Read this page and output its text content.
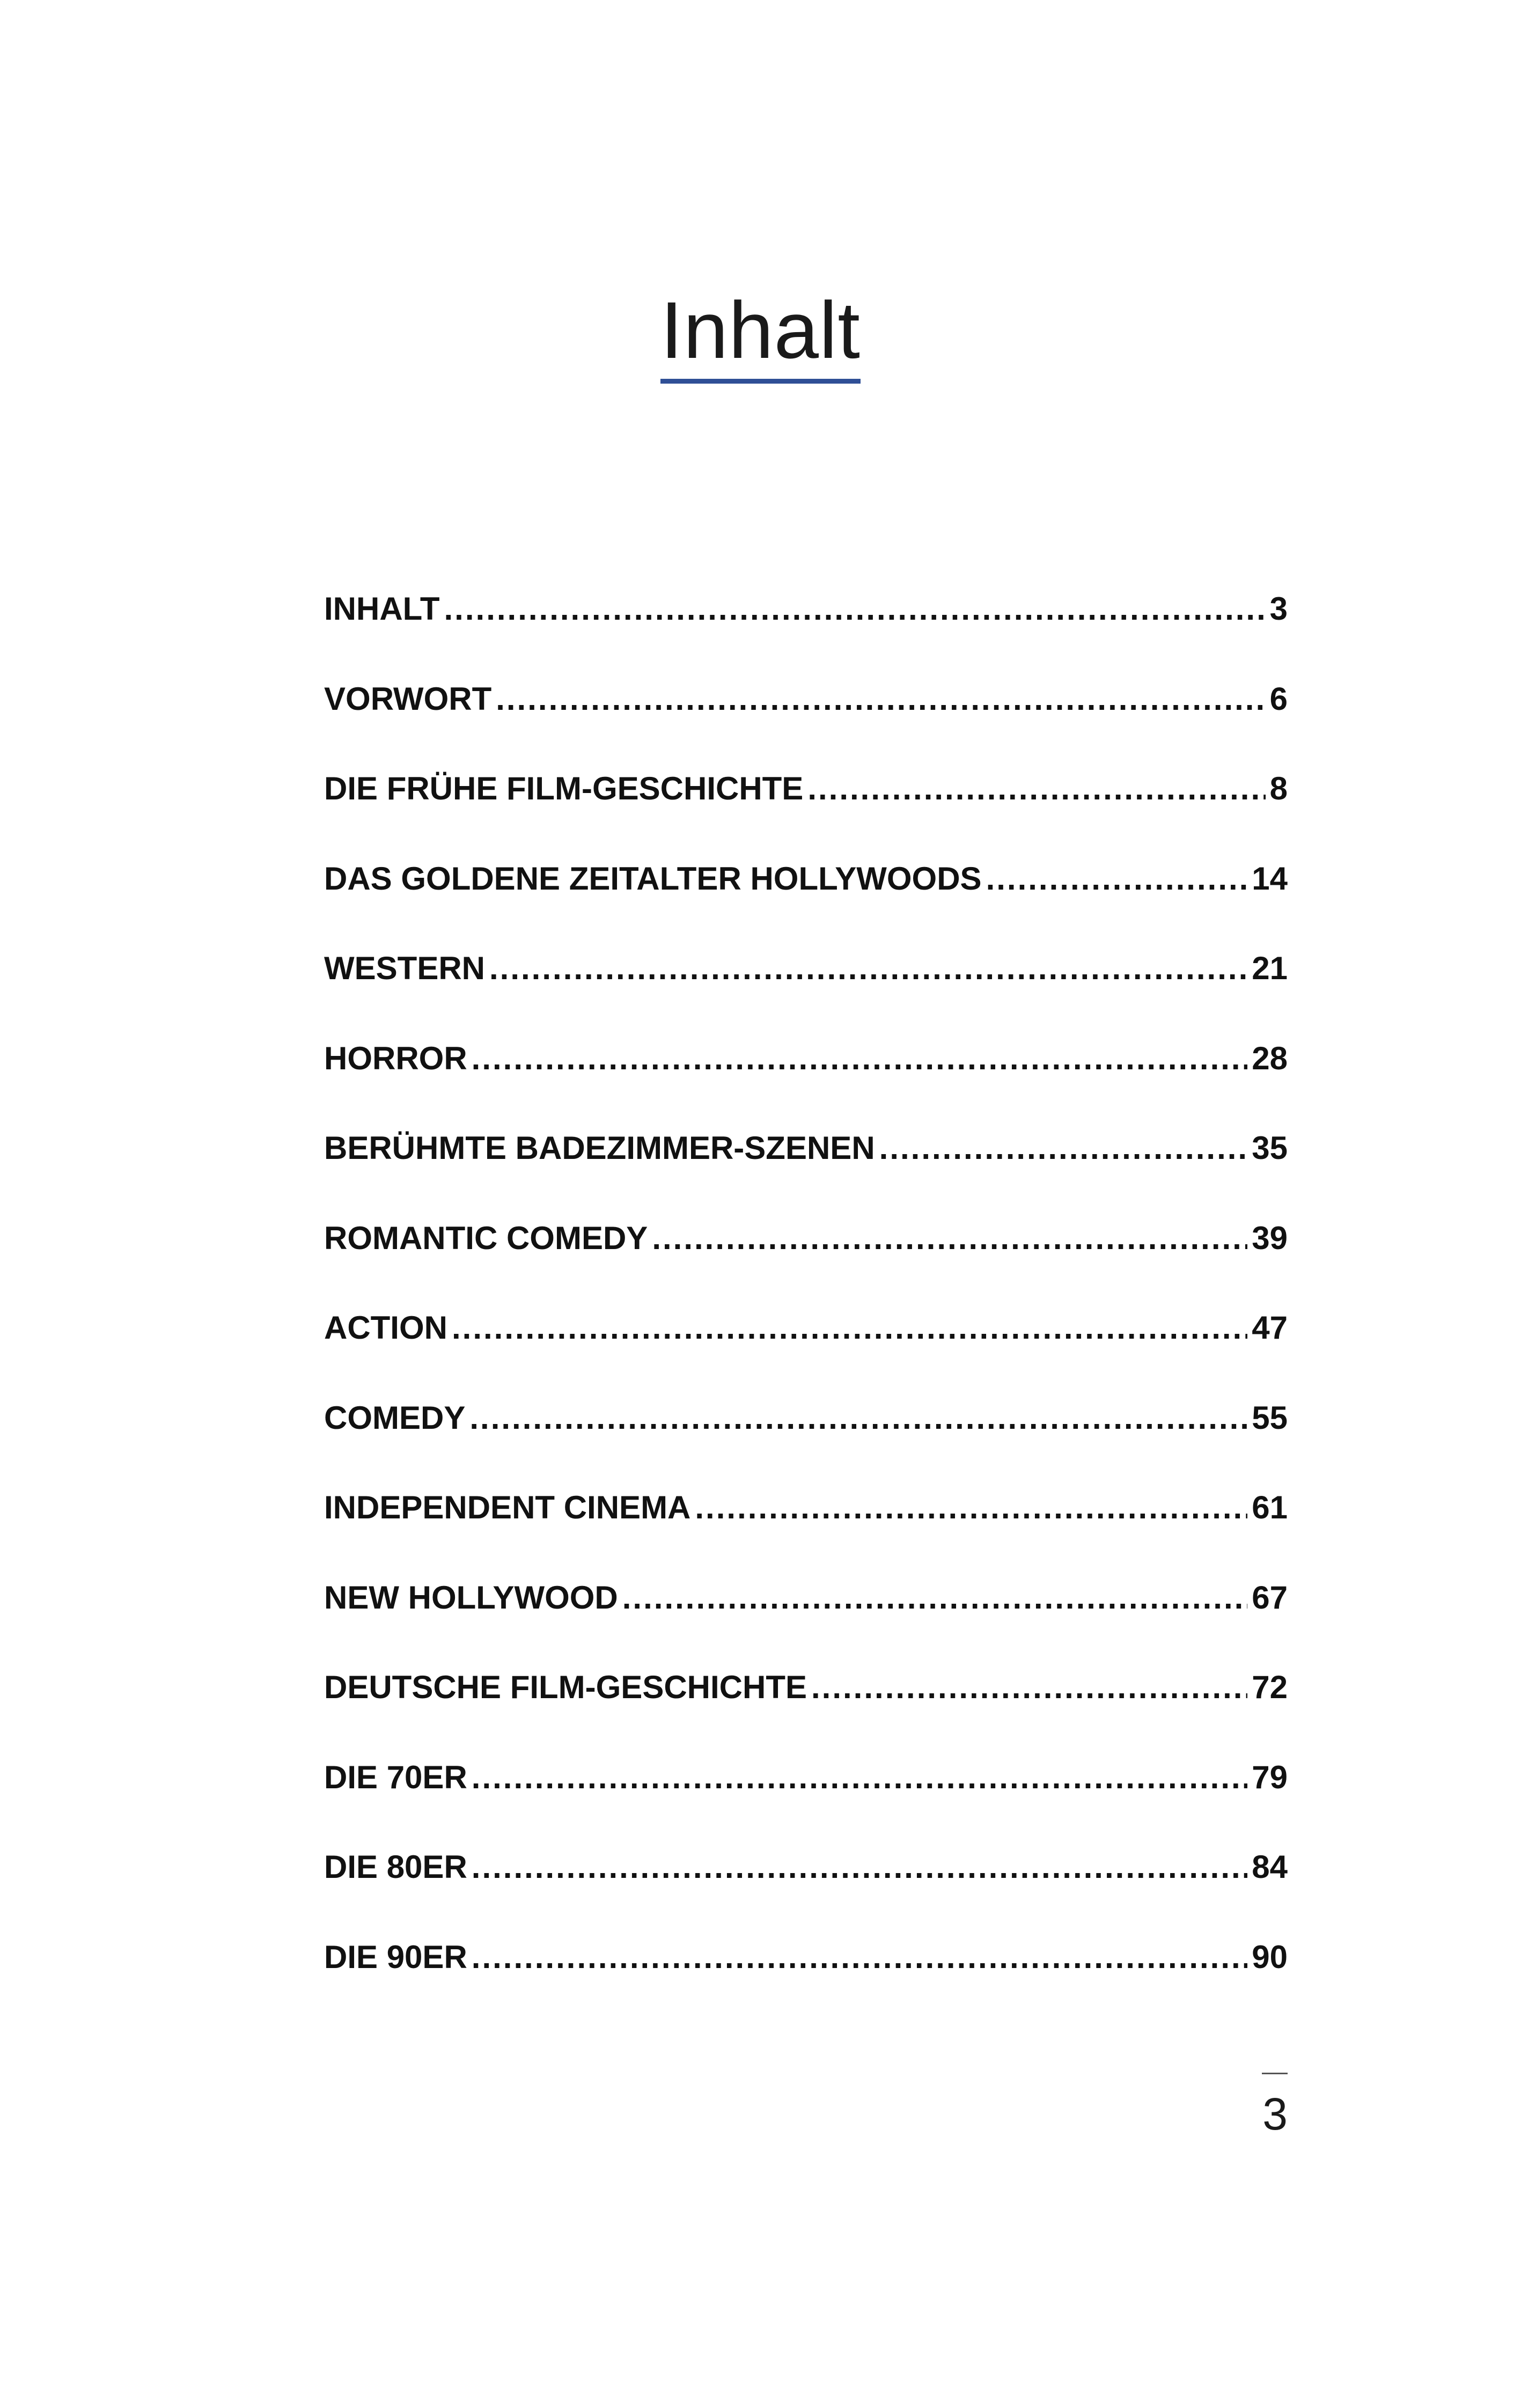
Inhalt
INHALT .....	3
VORWORT .....	6
DIE FRÜHE FILM-GESCHICHTE .....	8
DAS GOLDENE ZEITALTER HOLLYWOODS .....	14
WESTERN .....	21
HORROR .....	28
BERÜHMTE BADEZIMMER-SZENEN .....	35
ROMANTIC COMEDY .....	39
ACTION .....	47
COMEDY .....	55
INDEPENDENT CINEMA .....	61
NEW HOLLYWOOD .....	67
DEUTSCHE FILM-GESCHICHTE .....	72
DIE 70ER .....	79
DIE 80ER .....	84
DIE 90ER .....	90
3
